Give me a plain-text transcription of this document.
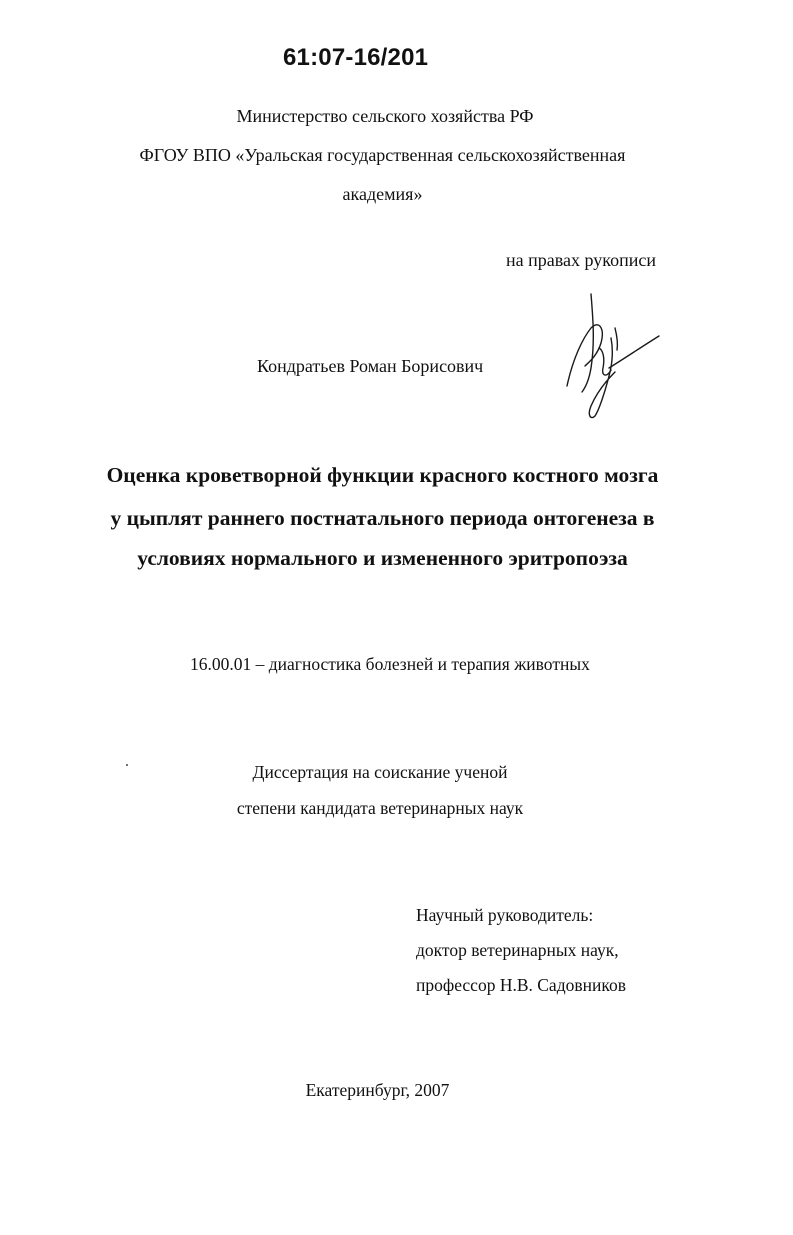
61:07-16/201
Министерство сельского хозяйства РФ
ФГОУ ВПО «Уральская государственная сельскохозяйственная
академия»
на правах рукописи
Кондратьев Роман Борисович
Оценка кроветворной функции красного костного мозга
у цыплят раннего постнатального периода онтогенеза в
условиях нормального и измененного эритропоэза
16.00.01 – диагностика болезней и терапия животных
Диссертация на соискание ученой
степени кандидата ветеринарных наук
Научный руководитель:
доктор ветеринарных наук,
профессор Н.В. Садовников
Екатеринбург, 2007
